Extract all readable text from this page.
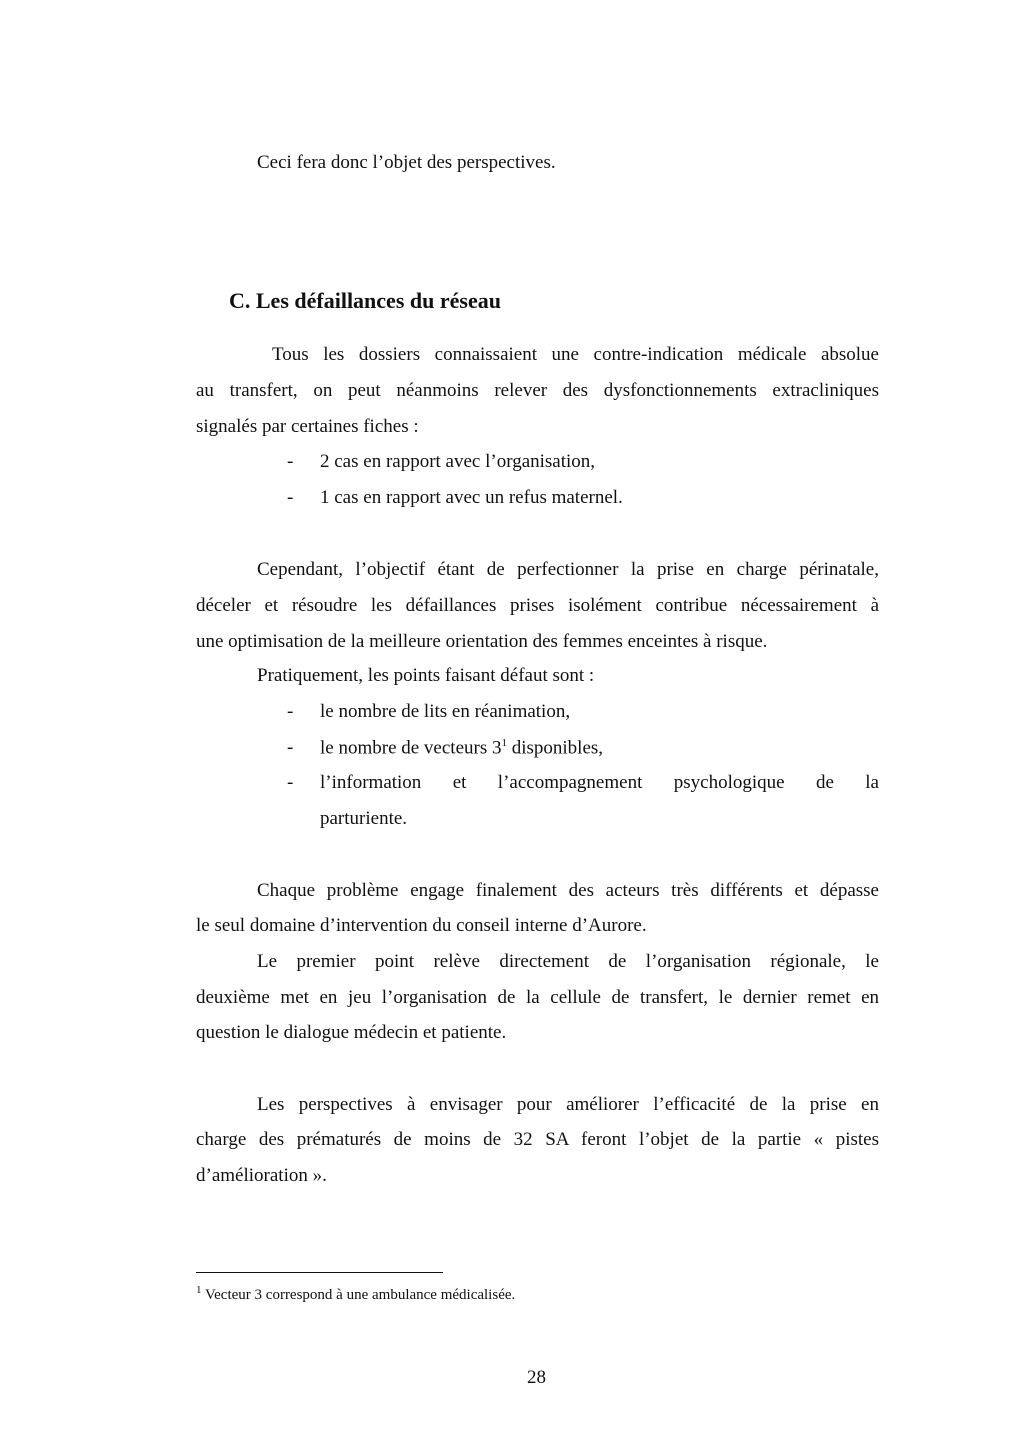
Ceci fera donc l’objet des perspectives.
C. Les défaillances du réseau
Tous les dossiers connaissaient une contre-indication médicale absolue
au transfert, on peut néanmoins relever des dysfonctionnements extracliniques
signalés par certaines fiches :
- 2 cas en rapport avec l’organisation,
- 1 cas en rapport avec un refus maternel.
Cependant, l’objectif étant de perfectionner la prise en charge périnatale,
déceler et résoudre les défaillances prises isolément contribue nécessairement à
une optimisation de la meilleure orientation des femmes enceintes à risque.
Pratiquement, les points faisant défaut sont :
- le nombre de lits en réanimation,
- le nombre de vecteurs $3^1$ disponibles,
- l’information et l’accompagnement psychologique de la
parturiente.
Chaque problème engage finalement des acteurs très différents et dépasse
le seul domaine d’intervention du conseil interne d’Aurore.
Le premier point relève directement de l’organisation régionale, le
deuxième met en jeu l’organisation de la cellule de transfert, le dernier remet en
question le dialogue médecin et patiente.
Les perspectives à envisager pour améliorer l’efficacité de la prise en
charge des prématurés de moins de 32 SA feront l’objet de la partie « pistes
d’amélioration ».
$^1$ Vecteur 3 correspond à une ambulance médicalisée.
28
